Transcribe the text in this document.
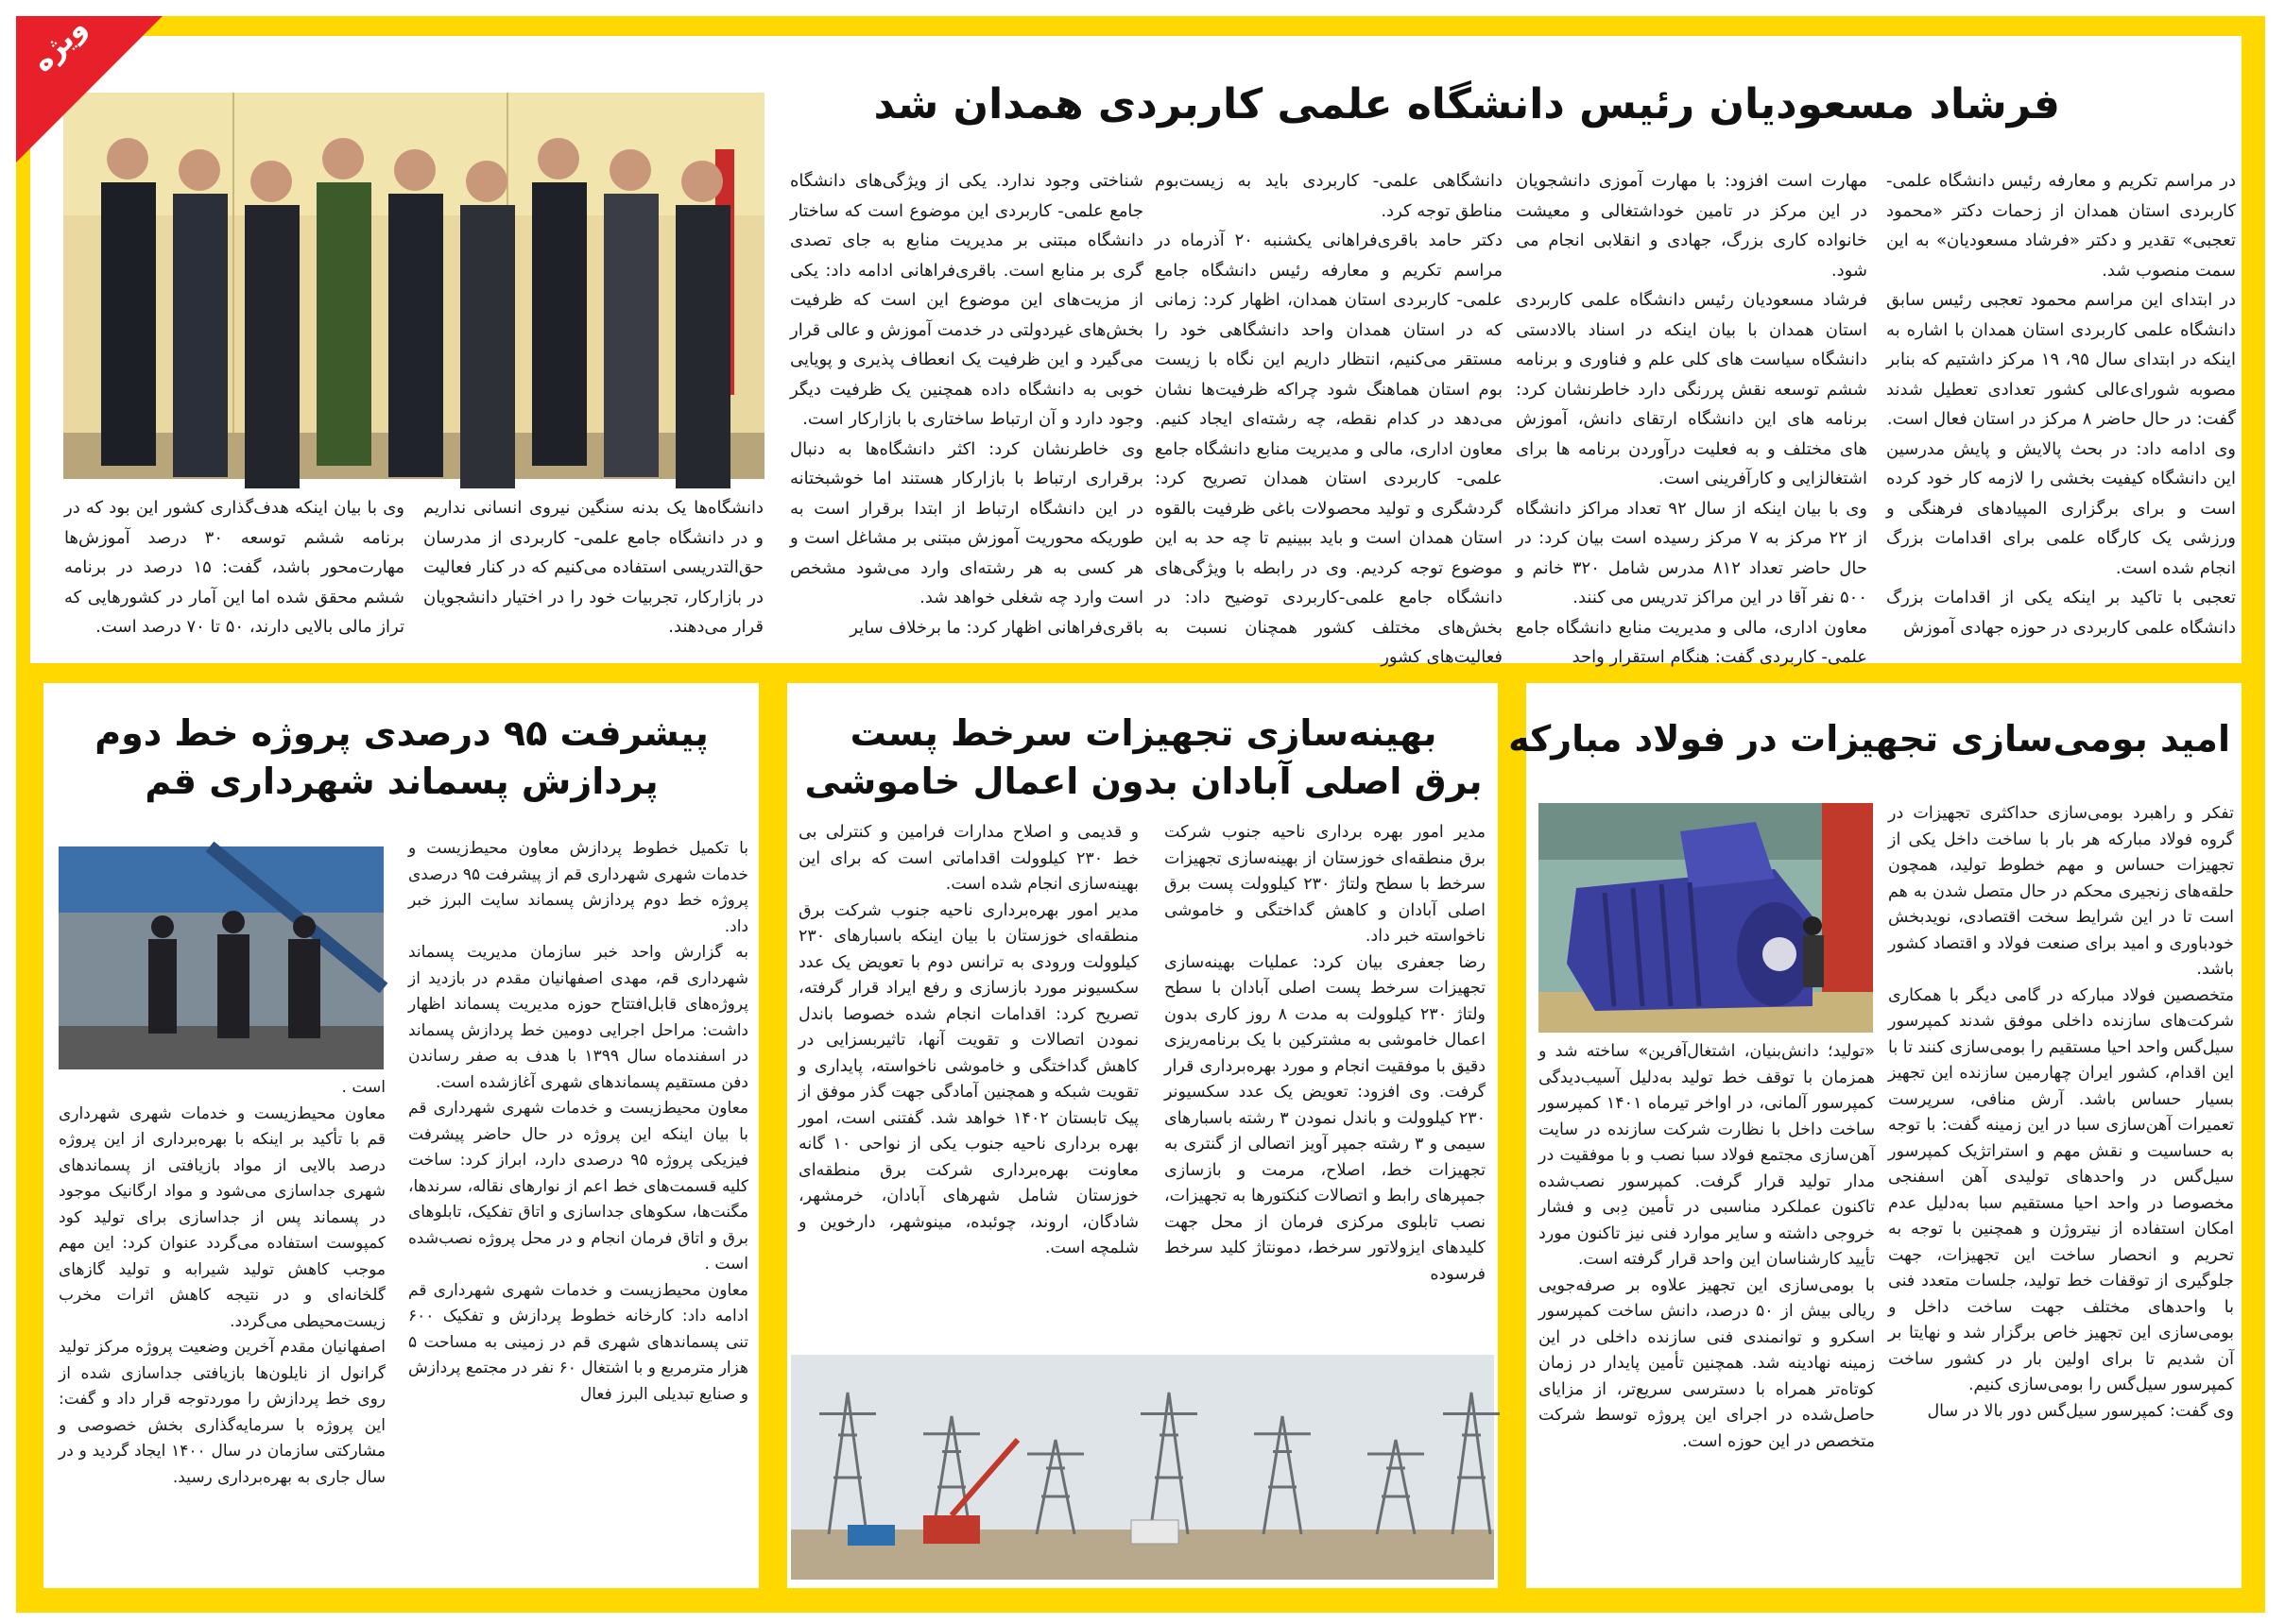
ویژه
فرشاد مسعودیان رئیس دانشگاه علمی کاربردی همدان شد

در مراسم تکریم و معارفه رئیس دانشگاه علمی-کاربردی استان همدان از زحمات دکتر «محمود تعجبی» تقدیر و دکتر «فرشاد مسعودیان» به این سمت منصوب شد.

در ابتدای این مراسم محمود تعجبی رئیس سابق دانشگاه علمی کاربردی استان همدان با اشاره به اینکه در ابتدای سال ۹۵، ۱۹ مرکز داشتیم که بنابر مصوبه شورای‌عالی کشور تعدادی تعطیل شدند گفت: در حال حاضر ۸ مرکز در استان فعال است.

وی ادامه داد: در بحث پالایش و پایش مدرسین این دانشگاه کیفیت بخشی را لازمه کار خود کرده است و برای برگزاری المپیادهای فرهنگی و ورزشی یک کارگاه علمی برای اقدامات بزرگ انجام شده است.

تعجبی با تاکید بر اینکه یکی از اقدامات بزرگ دانشگاه علمی کاربردی در حوزه جهادی آموزش

مهارت است افزود: با مهارت آموزی دانشجویان در این مرکز در تامین خوداشتغالی و معیشت خانواده کاری بزرگ، جهادی و انقلابی انجام می شود.

فرشاد مسعودیان رئیس دانشگاه علمی کاربردی استان همدان با بیان اینکه در اسناد بالادستی دانشگاه سیاست های کلی علم و فناوری و برنامه ششم توسعه نقش پررنگی دارد خاطرنشان کرد: برنامه های این دانشگاه ارتقای دانش، آموزش های مختلف و به فعلیت درآوردن برنامه ها برای اشتغالزایی و کارآفرینی است.

وی با بیان اینکه از سال ۹۲ تعداد مراکز دانشگاه از ۲۲ مرکز به ۷ مرکز رسیده است بیان کرد: در حال حاضر تعداد ۸۱۲ مدرس شامل ۳۲۰ خانم و ۵۰۰ نفر آقا در این مراکز تدریس می کنند.

معاون اداری، مالی و مدیریت منابع دانشگاه جامع علمی- کاربردی گفت: هنگام استقرار واحد

دانشگاهی علمی- کاربردی باید به زیست‌بوم مناطق توجه کرد.

دکتر حامد باقری‌فراهانی یکشنبه ۲۰ آذرماه در مراسم تکریم و معارفه رئیس دانشگاه جامع علمی- کاربردی استان همدان، اظهار کرد: زمانی که در استان همدان واحد دانشگاهی خود را مستقر می‌کنیم، انتظار داریم این نگاه با زیست بوم استان هماهنگ شود چراکه ظرفیت‌ها نشان می‌دهد در کدام نقطه، چه رشته‌ای ایجاد کنیم. معاون اداری، مالی و مدیریت منابع دانشگاه جامع علمی- کاربردی استان همدان تصریح کرد: گردشگری و تولید محصولات باغی ظرفیت بالقوه استان همدان است و باید ببینیم تا چه حد به این موضوع توجه کردیم. وی در رابطه با ویژگی‌های دانشگاه جامع علمی-کاربردی توضیح داد: در بخش‌های مختلف کشور همچنان نسبت به فعالیت‌های کشور

شناختی وجود ندارد. یکی از ویژگی‌های دانشگاه جامع علمی- کاربردی این موضوع است که ساختار دانشگاه مبتنی بر مدیریت منابع به جای تصدی گری بر منابع است. باقری‌فراهانی ادامه داد: یکی از مزیت‌های این موضوع این است که ظرفیت بخش‌های غیردولتی در خدمت آموزش و عالی قرار می‌گیرد و این ظرفیت یک انعطاف پذیری و پویایی خوبی به دانشگاه داده همچنین یک ظرفیت دیگر وجود دارد و آن ارتباط ساختاری با بازارکار است.

وی خاطرنشان کرد: اکثر دانشگاه‌ها به دنبال برقراری ارتباط با بازارکار هستند اما خوشبختانه در این دانشگاه ارتباط از ابتدا برقرار است به طوریکه محوریت آموزش مبتنی بر مشاغل است و هر کسی به هر رشته‌ای وارد می‌شود مشخص است وارد چه شغلی خواهد شد.

باقری‌فراهانی اظهار کرد: ما برخلاف سایر

دانشگاه‌ها یک بدنه سنگین نیروی انسانی نداریم و در دانشگاه جامع علمی- کاربردی از مدرسان حق‌التدریسی استفاده می‌کنیم که در کنار فعالیت در بازارکار، تجربیات خود را در اختیار دانشجویان قرار می‌دهند.

وی با بیان اینکه هدف‌گذاری کشور این بود که در برنامه ششم توسعه ۳۰ درصد آموزش‌ها مهارت‌محور باشد، گفت: ۱۵ درصد در برنامه ششم محقق شده اما این آمار در کشورهایی که تراز مالی بالایی دارند، ۵۰ تا ۷۰ درصد است.

امید بومی‌سازی تجهیزات در فولاد مبارکه

تفکر و راهبرد بومی‌سازی حداکثری تجهیزات در گروه فولاد مبارکه هر بار با ساخت داخل یکی از تجهیزات حساس و مهم خطوط تولید، همچون حلقه‌های زنجیری محکم در حال متصل شدن به هم است تا در این شرایط سخت اقتصادی، نویدبخش خودباوری و امید برای صنعت فولاد و اقتصاد کشور باشد.

متخصصین فولاد مبارکه در گامی دیگر با همکاری شرکت‌های سازنده داخلی موفق شدند کمپرسور سیل‌گس واحد احیا مستقیم را بومی‌سازی کنند تا با این اقدام، کشور ایران چهارمین سازنده این تجهیز بسیار حساس باشد. آرش منافی، سرپرست تعمیرات آهن‌سازی سبا در این زمینه گفت: با توجه به حساسیت و نقش مهم و استراتژیک کمپرسور سیل‌گس در واحدهای تولیدی آهن اسفنجی مخصوصا در واحد احیا مستقیم سبا به‌دلیل عدم امکان استفاده از نیتروژن و همچنین با توجه به تحریم و انحصار ساخت این تجهیزات، جهت جلوگیری از توقفات خط تولید، جلسات متعدد فنی با واحدهای مختلف جهت ساخت داخل و بومی‌سازی این تجهیز خاص برگزار شد و نهایتا بر آن شدیم تا برای اولین بار در کشور ساخت کمپرسور سیل‌گس را بومی‌سازی کنیم.

وی گفت: کمپرسور سیل‌گس دور بالا در سال

«تولید؛ دانش‌بنیان، اشتغال‌آفرین» ساخته شد و همزمان با توقف خط تولید به‌دلیل آسیب‌دیدگی کمپرسور آلمانی، در اواخر تیرماه ۱۴۰۱ کمپرسور ساخت داخل با نظارت شرکت سازنده در سایت آهن‌سازی مجتمع فولاد سبا نصب و با موفقیت در مدار تولید قرار گرفت. کمپرسور نصب‌شده تاکنون عملکرد مناسبی در تأمین دِبی و فشار خروجی داشته و سایر موارد فنی نیز تاکنون مورد تأیید کارشناسان این واحد قرار گرفته است.

با بومی‌سازی این تجهیز علاوه بر صرفه‌جویی ریالی بیش از ۵۰ درصد، دانش ساخت کمپرسور اسکرو و توانمندی فنی سازنده داخلی در این زمینه نهادینه شد. همچنین تأمین پایدار در زمان کوتاه‌تر همراه با دسترسی سریع‌تر، از مزایای حاصل‌شده در اجرای این پروژه توسط شرکت متخصص در این حوزه است.

بهینه‌سازی تجهیزات سرخط پست
برق اصلی آبادان بدون اعمال خاموشی

مدیر امور بهره برداری ناحیه جنوب شرکت برق منطقه‌ای خوزستان از بهینه‌سازی تجهیزات سرخط با سطح ولتاژ ۲۳۰ کیلوولت پست برق اصلی آبادان و کاهش گداختگی و خاموشی ناخواسته خبر داد.

رضا جعفری بیان کرد: عملیات بهینه‌سازی تجهیزات سرخط پست اصلی آبادان با سطح ولتاژ ۲۳۰ کیلوولت به مدت ۸ روز کاری بدون اعمال خاموشی به مشترکین با یک برنامه‌ریزی دقیق با موفقیت انجام و مورد بهره‌برداری قرار گرفت. وی افزود: تعویض یک عدد سکسیونر ۲۳۰ کیلوولت و باندل نمودن ۳ رشته باسبارهای سیمی و ۳ رشته جمپر آویز اتصالی از گنتری به تجهیزات خط، اصلاح، مرمت و بازسازی جمپرهای رابط و اتصالات کنکتورها به تجهیزات، نصب تابلوی مرکزی فرمان از محل جهت کلیدهای ایزولاتور سرخط، دمونتاژ کلید سرخط فرسوده

و قدیمی و اصلاح مدارات فرامین و کنترلی بی خط ۲۳۰ کیلوولت اقداماتی است که برای این بهینه‌سازی انجام شده است.

مدیر امور بهره‌برداری ناحیه جنوب شرکت برق منطقه‌ای خوزستان با بیان اینکه باسبارهای ۲۳۰ کیلوولت ورودی به ترانس دوم با تعویض یک عدد سکسیونر مورد بازسازی و رفع ایراد قرار گرفته، تصریح کرد: اقدامات انجام شده خصوصا باندل نمودن اتصالات و تقویت آنها، تاثیربسزایی در کاهش گداختگی و خاموشی ناخواسته، پایداری و تقویت شبکه و همچنین آمادگی جهت گذر موفق از پیک تابستان ۱۴۰۲ خواهد شد. گفتنی است، امور بهره برداری ناحیه جنوب یکی از نواحی ۱۰ گانه معاونت بهره‌برداری شرکت برق منطقه‌ای خوزستان شامل شهرهای آبادان، خرمشهر، شادگان، اروند، چوئبده، مینوشهر، دارخوین و شلمچه است.

پیشرفت ۹۵ درصدی پروژه خط دوم
پردازش پسماند شهرداری قم

با تکمیل خطوط پردازش معاون محیط‌زیست و خدمات شهری شهرداری قم از پیشرفت ۹۵ درصدی پروژه خط دوم پردازش پسماند سایت البرز خبر داد.

به گزارش واحد خبر سازمان مدیریت پسماند شهرداری قم، مهدی اصفهانیان مقدم در بازدید از پروژه‌های قابل‌افتتاح حوزه مدیریت پسماند اظهار داشت: مراحل اجرایی دومین خط پردازش پسماند در اسفندماه سال ۱۳۹۹ با هدف به صفر رساندن دفن مستقیم پسماندهای شهری آغازشده است.

معاون محیط‌زیست و خدمات شهری شهرداری قم با بیان اینکه این پروژه در حال حاضر پیشرفت فیزیکی پروژه ۹۵ درصدی دارد، ابراز کرد: ساخت کلیه قسمت‌های خط اعم از نوارهای نقاله، سرندها، مگنت‌ها، سکوهای جداسازی و اتاق تفکیک، تابلوهای برق و اتاق فرمان انجام و در محل پروژه نصب‌شده است .

معاون محیط‌زیست و خدمات شهری شهرداری قم ادامه داد: کارخانه خطوط پردازش و تفکیک ۶۰۰ تنی پسماندهای شهری قم در زمینی به مساحت ۵ هزار مترمربع و با اشتغال ۶۰ نفر در مجتمع پردازش و صنایع تبدیلی البرز فعال

است .

معاون محیط‌زیست و خدمات شهری شهرداری قم با تأکید بر اینکه با بهره‌برداری از این پروژه درصد بالایی از مواد بازیافتی از پسماندهای شهری جداسازی می‌شود و مواد ارگانیک موجود در پسماند پس از جداسازی برای تولید کود کمپوست استفاده می‌گردد عنوان کرد: این مهم موجب کاهش تولید شیرابه و تولید گازهای گلخانه‌ای و در نتیجه کاهش اثرات مخرب زیست‌محیطی می‌گردد.

اصفهانیان مقدم آخرین وضعیت پروژه مرکز تولید گرانول از نایلون‌ها بازیافتی جداسازی شده از روی خط پردازش را موردتوجه قرار داد و گفت: این پروژه با سرمایه‌گذاری بخش خصوصی و مشارکتی سازمان در سال ۱۴۰۰ ایجاد گردید و در سال جاری به بهره‌برداری رسید.
